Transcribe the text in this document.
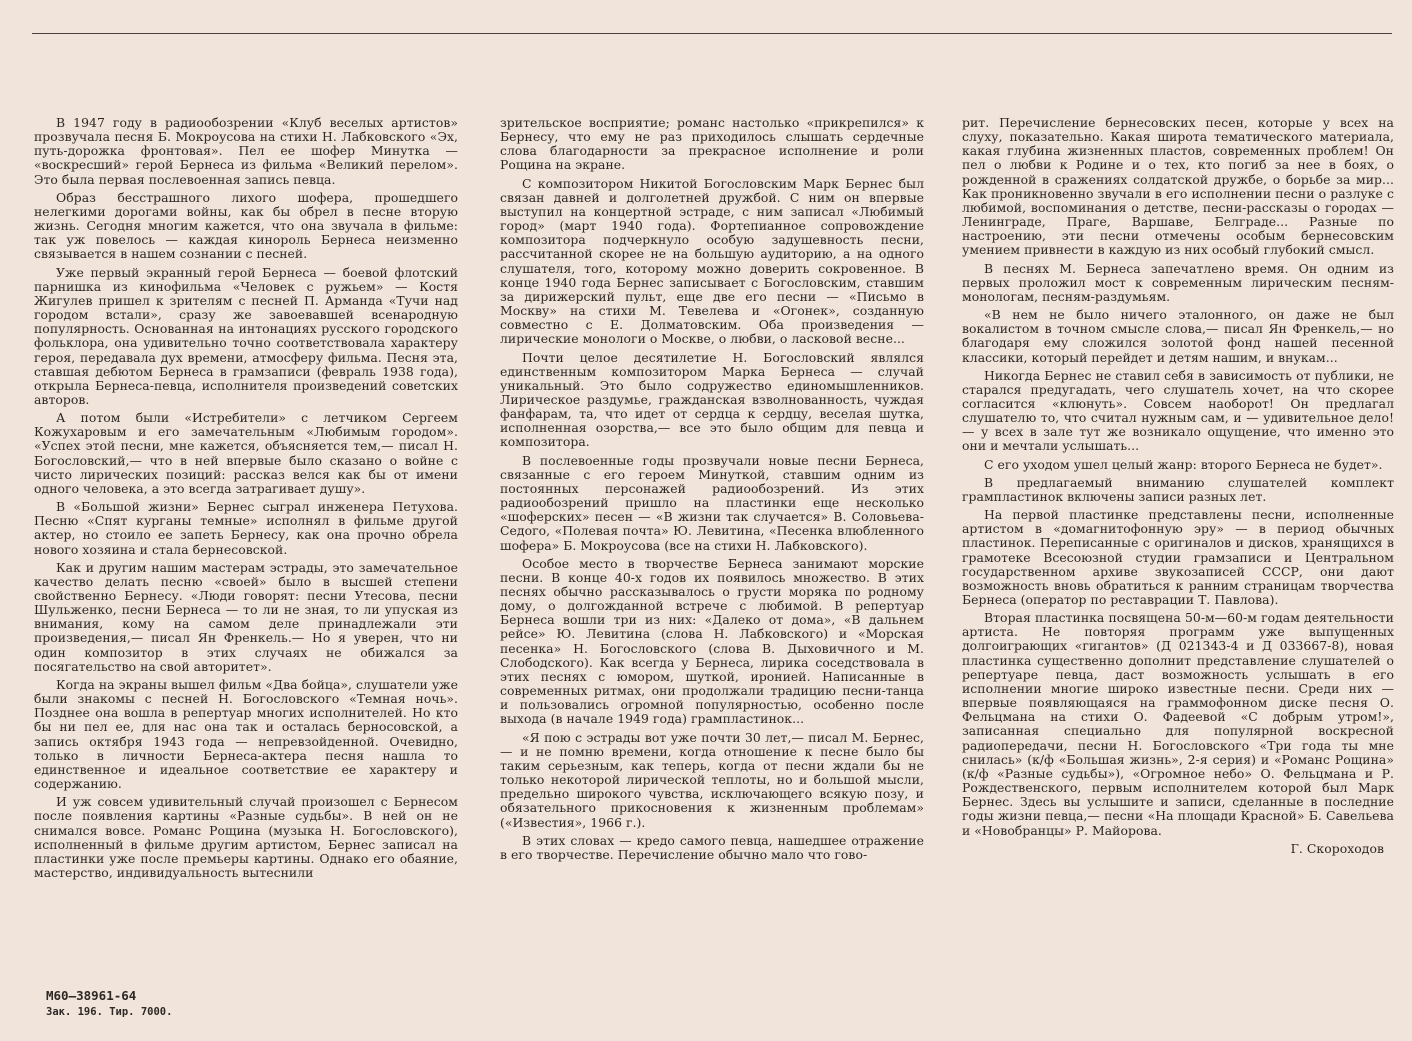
В 1947 году в радиообозрении «Клуб веселых артистов» прозвучала песня Б. Мокроусова на стихи Н. Лабковского «Эх, путь-дорожка фронтовая». Пел ее шофер Минутка — «воскресший» герой Бернеса из фильма «Великий перелом». Это была первая послевоенная запись певца.

Образ бесстрашного лихого шофера, прошедшего нелегкими дорогами войны, как бы обрел в песне вторую жизнь. Сегодня многим кажется, что она звучала в фильме: так уж повелось — каждая кинороль Бернеса неизменно связывается в нашем сознании с песней.

Уже первый экранный герой Бернеса — боевой флотский парнишка из кинофильма «Человек с ружьем» — Костя Жигулев пришел к зрителям с песней П. Арманда «Тучи над городом встали», сразу же завоевавшей всенародную популярность. Основанная на интонациях русского городского фольклора, она удивительно точно соответствовала характеру героя, передавала дух времени, атмосферу фильма. Песня эта, ставшая дебютом Бернеса в грамзаписи (февраль 1938 года), открыла Бернеса-певца, исполнителя произведений советских авторов.

А потом были «Истребители» с летчиком Сергеем Кожухаровым и его замечательным «Любимым городом». «Успех этой песни, мне кажется, объясняется тем,— писал Н. Богословский,— что в ней впервые было сказано о войне с чисто лирических позиций: рассказ велся как бы от имени одного человека, а это всегда затрагивает душу».

В «Большой жизни» Бернес сыграл инженера Петухова. Песню «Спят курганы темные» исполнял в фильме другой актер, но стоило ее запеть Бернесу, как она прочно обрела нового хозяина и стала бернесовской.

Как и другим нашим мастерам эстрады, это замечательное качество делать песню «своей» было в высшей степени свойственно Бернесу. «Люди говорят: песни Утесова, песни Шульженко, песни Бернеса — то ли не зная, то ли упуская из внимания, кому на самом деле принадлежали эти произведения,— писал Ян Френкель.— Но я уверен, что ни один композитор в этих случаях не обижался за посягательство на свой авторитет».

Когда на экраны вышел фильм «Два бойца», слушатели уже были знакомы с песней Н. Богословского «Темная ночь». Позднее она вошла в репертуар многих исполнителей. Но кто бы ни пел ее, для нас она так и осталась берносовской, а запись октября 1943 года — непревзойденной. Очевидно, только в личности Бернеса-актера песня нашла то единственное и идеальное соответствие ее характеру и содержанию.

И уж совсем удивительный случай произошел с Бернесом после появления картины «Разные судьбы». В ней он не снимался вовсе. Романс Рощина (музыка Н. Богословского), исполненный в фильме другим артистом, Бернес записал на пластинки уже после премьеры картины. Однако его обаяние, мастерство, индивидуальность вытеснили

зрительское восприятие; романс настолько «прикрепился» к Бернесу, что ему не раз приходилось слышать сердечные слова благодарности за прекрасное исполнение и роли Рощина на экране.

С композитором Никитой Богословским Марк Бернес был связан давней и долголетней дружбой. С ним он впервые выступил на концертной эстраде, с ним записал «Любимый город» (март 1940 года). Фортепианное сопровождение композитора подчеркнуло особую задушевность песни, рассчитанной скорее не на большую аудиторию, а на одного слушателя, того, которому можно доверить сокровенное. В конце 1940 года Бернес записывает с Богословским, ставшим за дирижерский пульт, еще две его песни — «Письмо в Москву» на стихи М. Тевелева и «Огонек», созданную совместно с Е. Долматовским. Оба произведения — лирические монологи о Москве, о любви, о ласковой весне...

Почти целое десятилетие Н. Богословский являлся единственным композитором Марка Бернеса — случай уникальный. Это было содружество единомышленников. Лирическое раздумье, гражданская взволнованность, чуждая фанфарам, та, что идет от сердца к сердцу, веселая шутка, исполненная озорства,— все это было общим для певца и композитора.

В послевоенные годы прозвучали новые песни Бернеса, связанные с его героем Минуткой, ставшим одним из постоянных персонажей радиообозрений. Из этих радиообозрений пришло на пластинки еще несколько «шоферских» песен — «В жизни так случается» В. Соловьева-Седого, «Полевая почта» Ю. Левитина, «Песенка влюбленного шофера» Б. Мокроусова (все на стихи Н. Лабковского).

Особое место в творчестве Бернеса занимают морские песни. В конце 40-х годов их появилось множество. В этих песнях обычно рассказывалось о грусти моряка по родному дому, о долгожданной встрече с любимой. В репертуар Бернеса вошли три из них: «Далеко от дома», «В дальнем рейсе» Ю. Левитина (слова Н. Лабковского) и «Морская песенка» Н. Богословского (слова В. Дыховичного и М. Слободского). Как всегда у Бернеса, лирика соседствовала в этих песнях с юмором, шуткой, иронией. Написанные в современных ритмах, они продолжали традицию песни-танца и пользовались огромной популярностью, особенно после выхода (в начале 1949 года) грампластинок...

«Я пою с эстрады вот уже почти 30 лет,— писал М. Бернес,— и не помню времени, когда отношение к песне было бы таким серьезным, как теперь, когда от песни ждали бы не только некоторой лирической теплоты, но и большой мысли, предельно широкого чувства, исключающего всякую позу, и обязательного прикосновения к жизненным проблемам» («Известия», 1966 г.).

В этих словах — кредо самого певца, нашедшее отражение в его творчестве. Перечисление обычно мало что гово-

рит. Перечисление бернесовских песен, которые у всех на слуху, показательно. Какая широта тематического материала, какая глубина жизненных пластов, современных проблем! Он пел о любви к Родине и о тех, кто погиб за нее в боях, о рожденной в сражениях солдатской дружбе, о борьбе за мир... Как проникновенно звучали в его исполнении песни о разлуке с любимой, воспоминания о детстве, песни-рассказы о городах — Ленинграде, Праге, Варшаве, Белграде... Разные по настроению, эти песни отмечены особым бернесовским умением привнести в каждую из них особый глубокий смысл.

В песнях М. Бернеса запечатлено время. Он одним из первых проложил мост к современным лирическим песням-монологам, песням-раздумьям.

«В нем не было ничего эталонного, он даже не был вокалистом в точном смысле слова,— писал Ян Френкель,— но благодаря ему сложился золотой фонд нашей песенной классики, который перейдет и детям нашим, и внукам...

Никогда Бернес не ставил себя в зависимость от публики, не старался предугадать, чего слушатель хочет, на что скорее согласится «клюнуть». Совсем наоборот! Он предлагал слушателю то, что считал нужным сам, и — удивительное дело! — у всех в зале тут же возникало ощущение, что именно это они и мечтали услышать...

С его уходом ушел целый жанр: второго Бернеса не будет».

В предлагаемый вниманию слушателей комплект грампластинок включены записи разных лет.

На первой пластинке представлены песни, исполненные артистом в «домагнитофонную эру» — в период обычных пластинок. Переписанные с оригиналов и дисков, хранящихся в грамотеке Всесоюзной студии грамзаписи и Центральном государственном архиве звукозаписей СССР, они дают возможность вновь обратиться к ранним страницам творчества Бернеса (оператор по реставрации Т. Павлова).

Вторая пластинка посвящена 50-м—60-м годам деятельности артиста. Не повторяя программ уже выпущенных долгоиграющих «гигантов» (Д 021343-4 и Д 033667-8), новая пластинка существенно дополнит представление слушателей о репертуаре певца, даст возможность услышать в его исполнении многие широко известные песни. Среди них — впервые появляющаяся на граммофонном диске песня О. Фельцмана на стихи О. Фадеевой «С добрым утром!», записанная специально для популярной воскресной радиопередачи, песни Н. Богословского «Три года ты мне снилась» (к/ф «Большая жизнь», 2-я серия) и «Романс Рощина» (к/ф «Разные судьбы»), «Огромное небо» О. Фельцмана и Р. Рождественского, первым исполнителем которой был Марк Бернес. Здесь вы услышите и записи, сделанные в последние годы жизни певца,— песни «На площади Красной» Б. Савельева и «Новобранцы» Р. Майорова.

Г. Скороходов

М60—38961-64
Зак. 196. Тир. 7000.
